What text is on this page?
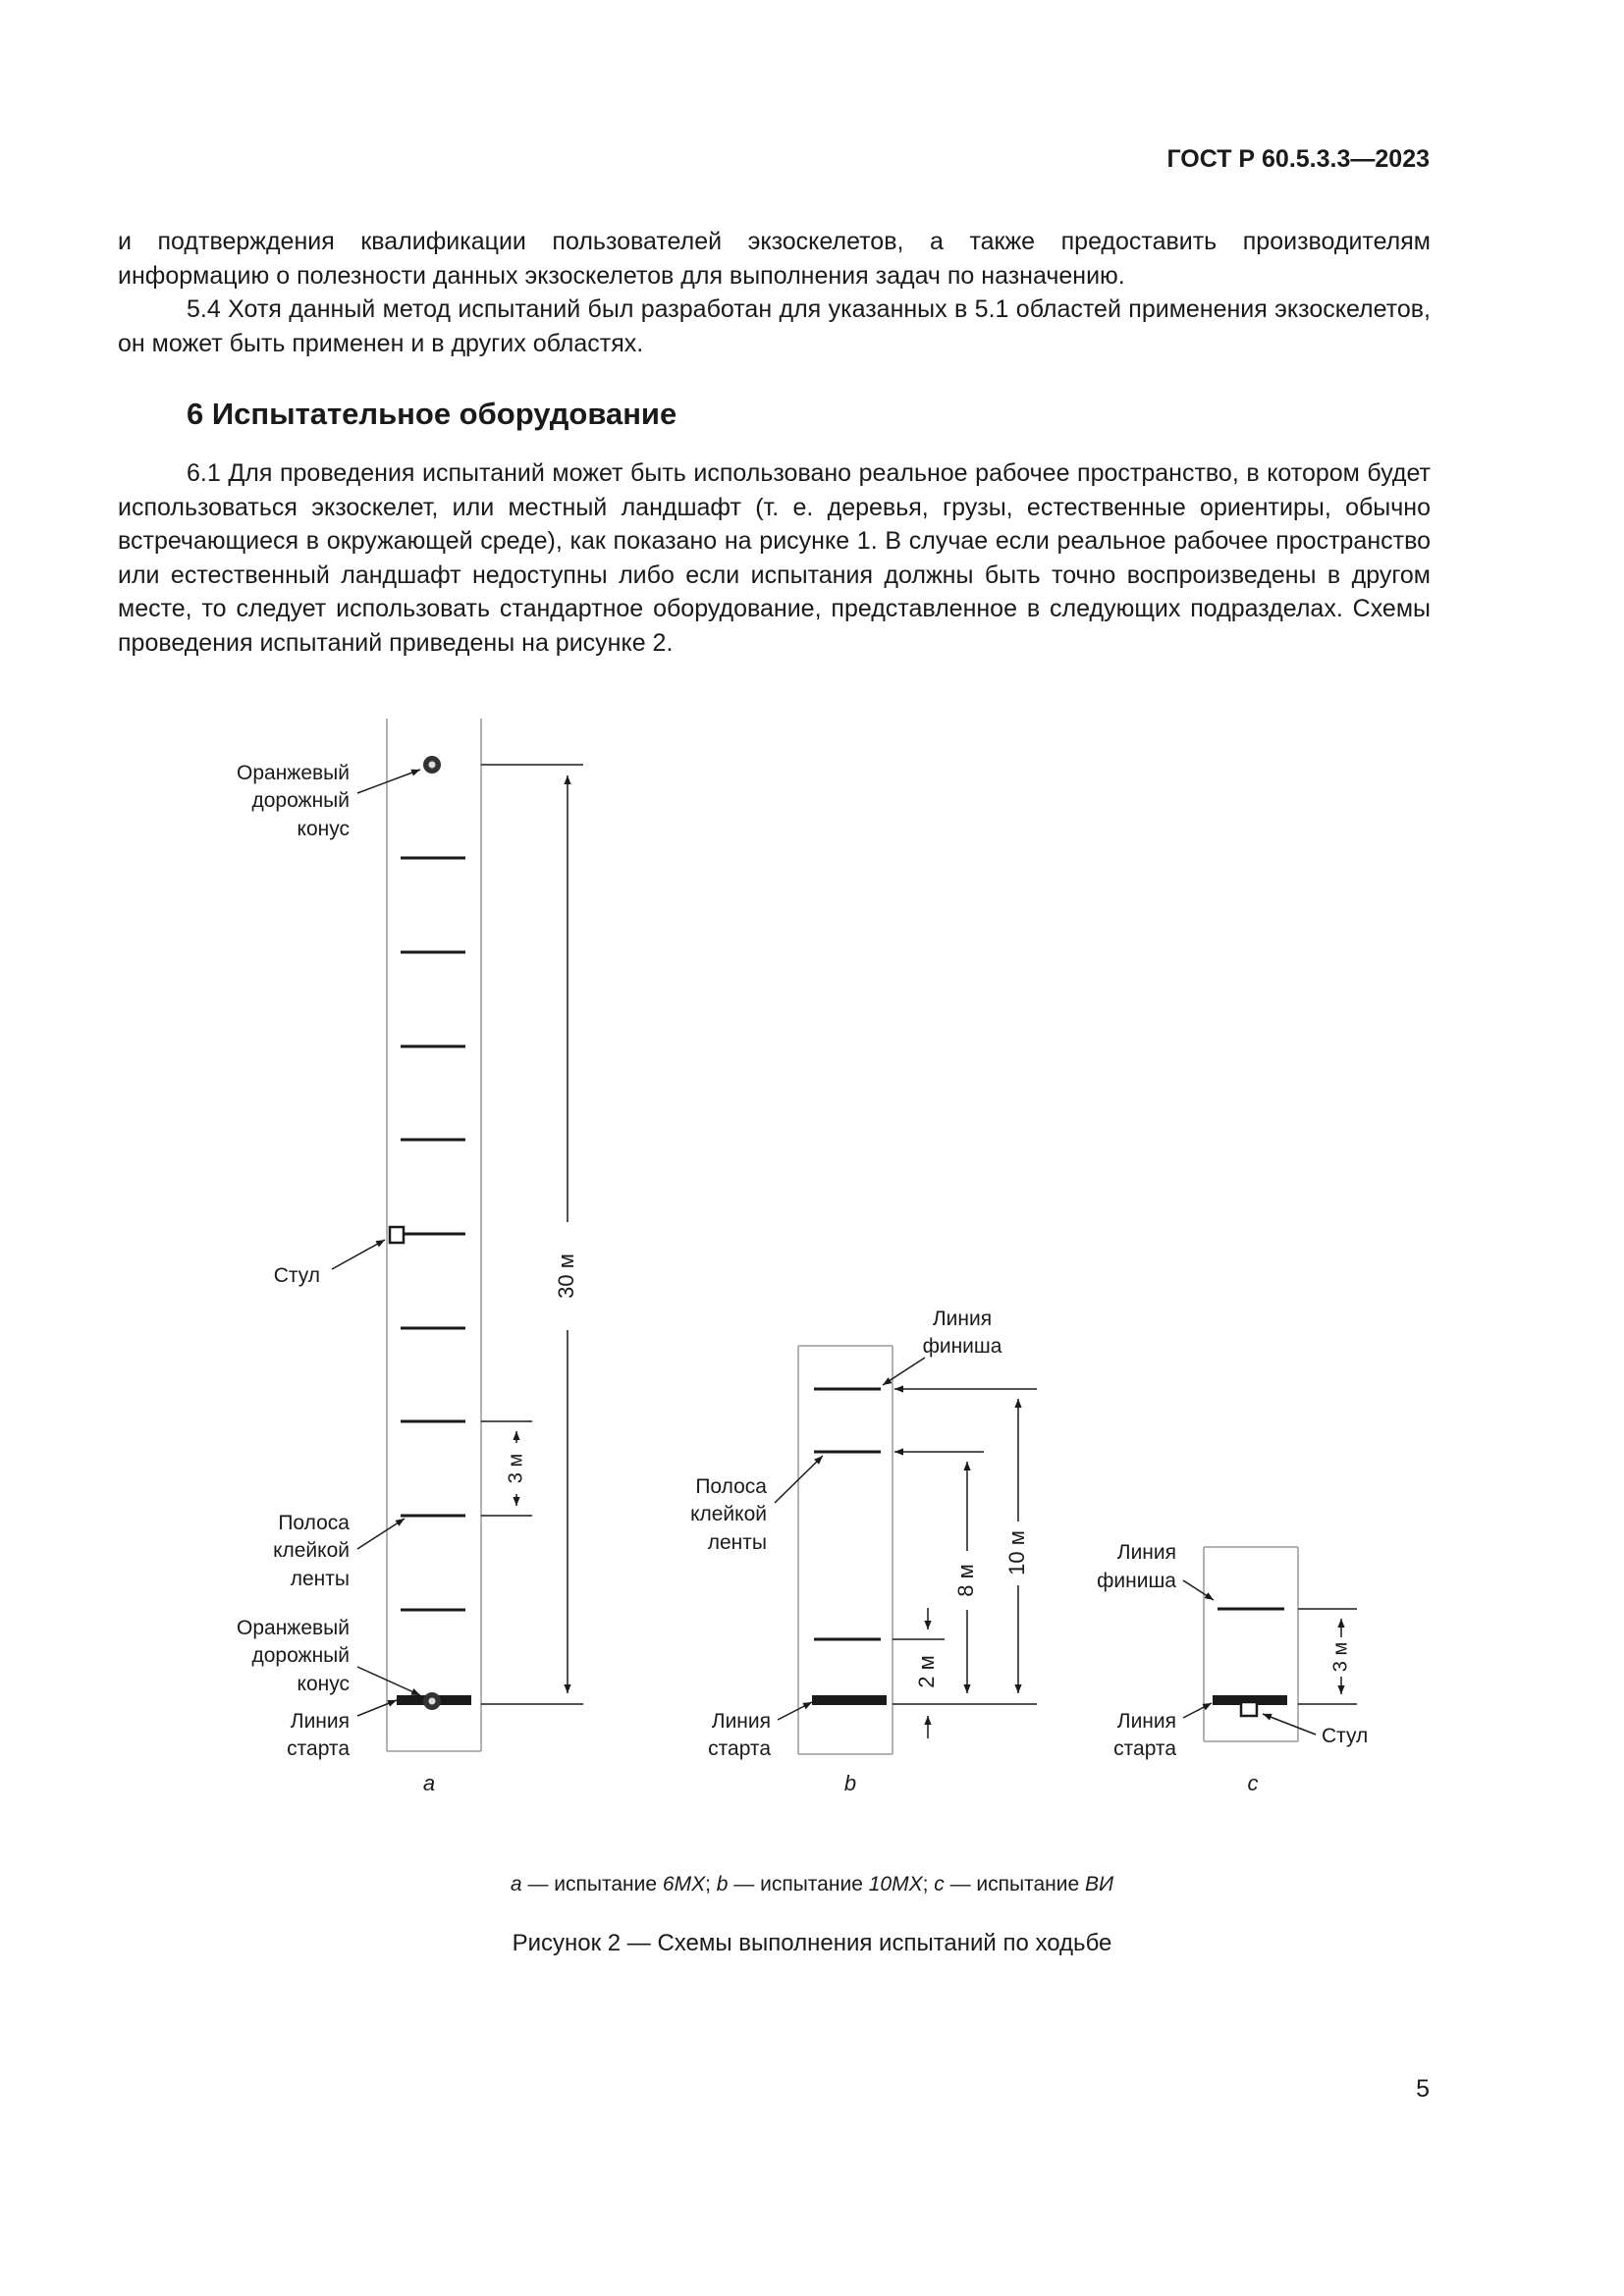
ГОСТ Р 60.5.3.3—2023

и подтверждения квалификации пользователей экзоскелетов, а также предоставить производителям информацию о полезности данных экзоскелетов для выполнения задач по назначению.

5.4 Хотя данный метод испытаний был разработан для указанных в 5.1 областей применения экзоскелетов, он может быть применен и в других областях.

6 Испытательное оборудование

6.1 Для проведения испытаний может быть использовано реальное рабочее пространство, в котором будет использоваться экзоскелет, или местный ландшафт (т. е. деревья, грузы, естественные ориентиры, обычно встречающиеся в окружающей среде), как показано на рисунке 1. В случае если реальное рабочее пространство или естественный ландшафт недоступны либо если испытания должны быть точно воспроизведены в другом месте, то следует использовать стандартное оборудование, представленное в следующих подразделах. Схемы проведения испытаний приведены на рисунке 2.

Оранжевый
дорожный
конус
Стул
Полоса
клейкой
ленты
Оранжевый
дорожный
конус
Линия
старта
30 м
3 м
a
Линия
финиша
Полоса
клейкой
ленты
Линия
старта
10 м
8 м
2 м
b
Линия
финиша
Линия
старта
Стул
3 м
c
a — испытание 6МХ; b — испытание 10МХ; c — испытание ВИ
Рисунок 2 — Схемы выполнения испытаний по ходьбе
5
